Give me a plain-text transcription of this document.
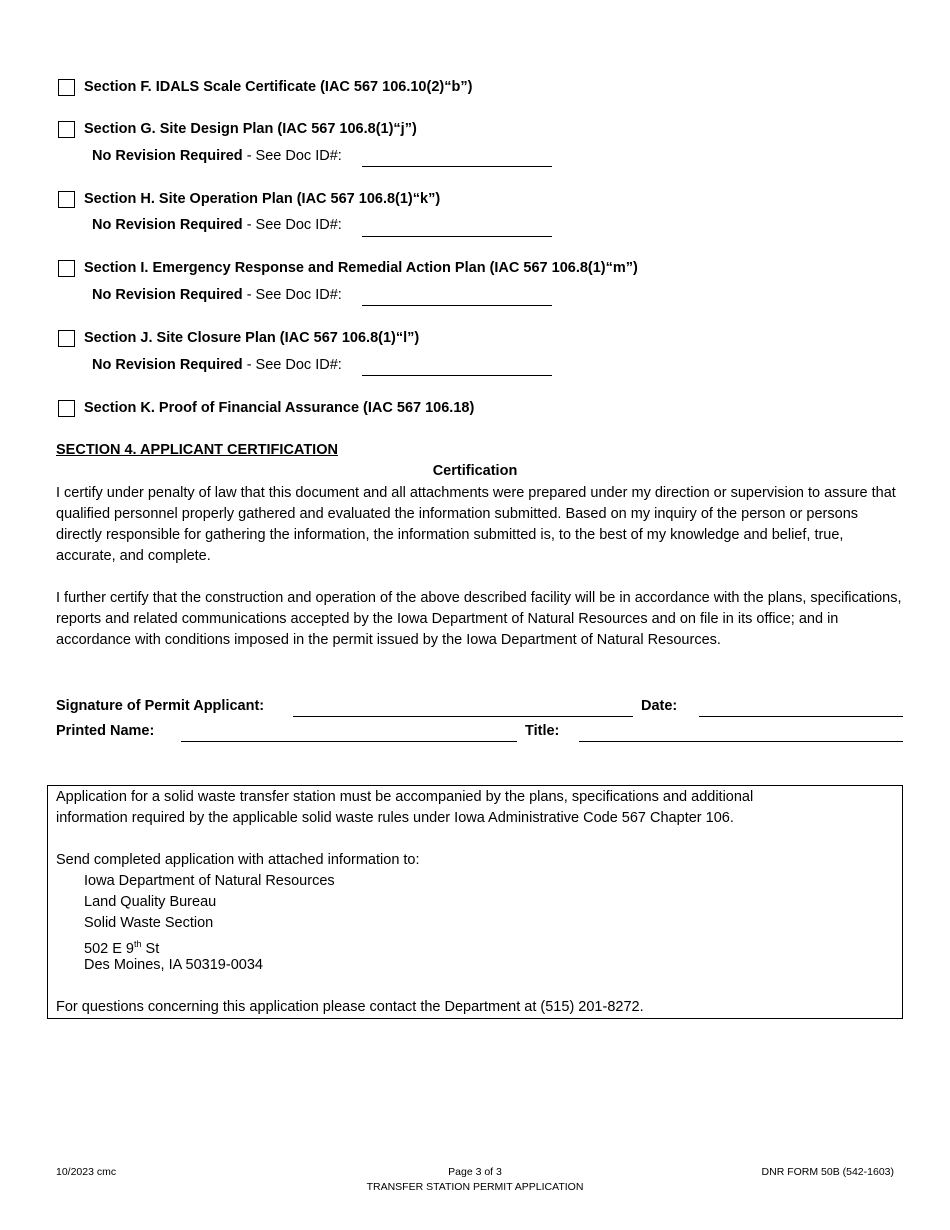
Section F. IDALS Scale Certificate (IAC 567 106.10(2)“b”)
Section G. Site Design Plan (IAC 567 106.8(1)“j”)
No Revision Required - See Doc ID#:
Section H. Site Operation Plan (IAC 567 106.8(1)“k”)
No Revision Required - See Doc ID#:
Section I. Emergency Response and Remedial Action Plan (IAC 567 106.8(1)“m”)
No Revision Required - See Doc ID#:
Section J. Site Closure Plan (IAC 567 106.8(1)“l”)
No Revision Required - See Doc ID#:
Section K. Proof of Financial Assurance (IAC 567 106.18)
SECTION 4. APPLICANT CERTIFICATION
Certification
I certify under penalty of law that this document and all attachments were prepared under my direction or supervision to assure that qualified personnel properly gathered and evaluated the information submitted. Based on my inquiry of the person or persons directly responsible for gathering the information, the information submitted is, to the best of my knowledge and belief, true, accurate, and complete.
I further certify that the construction and operation of the above described facility will be in accordance with the plans, specifications, reports and related communications accepted by the Iowa Department of Natural Resources and on file in its office; and in accordance with conditions imposed in the permit issued by the Iowa Department of Natural Resources.
Signature of Permit Applicant:	Date:
Printed Name:	Title:
Application for a solid waste transfer station must be accompanied by the plans, specifications and additional
information required by the applicable solid waste rules under Iowa Administrative Code 567 Chapter 106.
Send completed application with attached information to:
Iowa Department of Natural Resources
Land Quality Bureau
Solid Waste Section
502 E 9th St
Des Moines, IA 50319-0034
For questions concerning this application please contact the Department at (515) 201-8272.
10/2023 cmc	Page 3 of 3
TRANSFER STATION PERMIT APPLICATION
DNR FORM 50B (542-1603)
